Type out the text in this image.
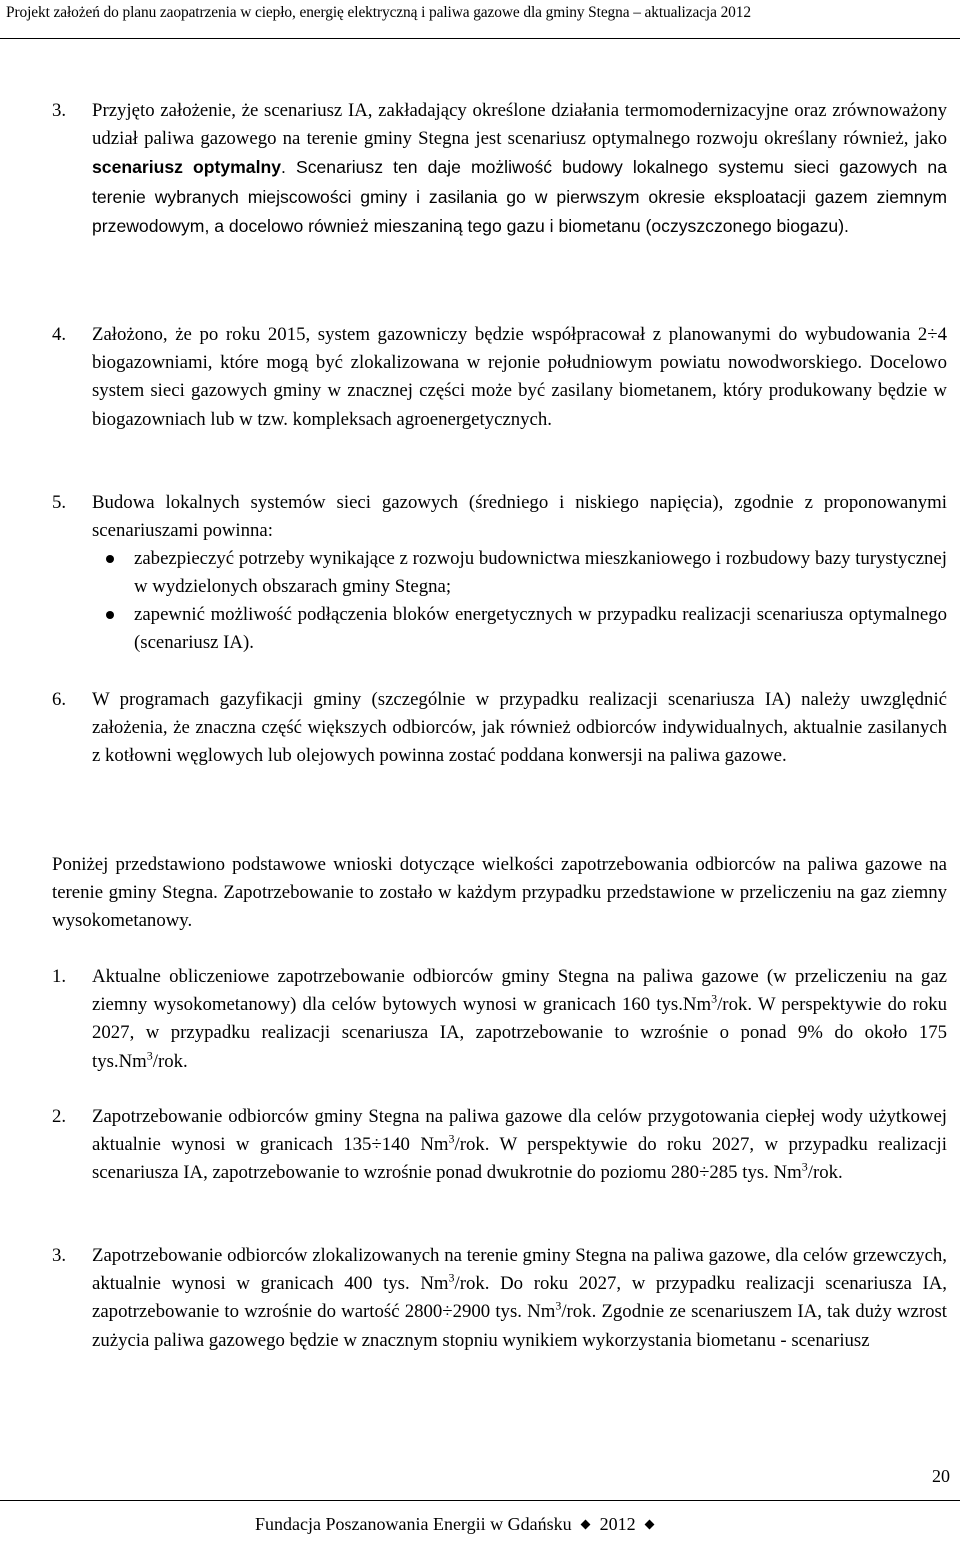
Projekt założeń do planu zaopatrzenia w ciepło, energię elektryczną i paliwa gazowe dla gminy Stegna – aktualizacja 2012
3. Przyjęto założenie, że scenariusz IA, zakładający określone działania termomodernizacyjne oraz zrównoważony udział paliwa gazowego na terenie gminy Stegna jest scenariusz optymalnego rozwoju określany również, jako scenariusz optymalny. Scenariusz ten daje możliwość budowy lokalnego systemu sieci gazowych na terenie wybranych miejscowości gminy i zasilania go w pierwszym okresie eksploatacji gazem ziemnym przewodowym, a docelowo również mieszaniną tego gazu i biometanu (oczyszczonego biogazu).
4. Założono, że po roku 2015, system gazowniczy będzie współpracował z planowanymi do wybudowania 2÷4 biogazowniami, które mogą być zlokalizowana w rejonie południowym powiatu nowodworskiego. Docelowo system sieci gazowych gminy w znacznej części może być zasilany biometanem, który produkowany będzie w biogazowniach lub w tzw. kompleksach agroenergetycznych.
5. Budowa lokalnych systemów sieci gazowych (średniego i niskiego napięcia), zgodnie z proponowanymi scenariuszami powinna:
zabezpieczyć potrzeby wynikające z rozwoju budownictwa mieszkaniowego i rozbudowy bazy turystycznej w wydzielonych obszarach gminy Stegna;
zapewnić możliwość podłączenia bloków energetycznych w przypadku realizacji scenariusza optymalnego (scenariusz IA).
6. W programach gazyfikacji gminy (szczególnie w przypadku realizacji scenariusza IA) należy uwzględnić założenia, że znaczna część większych odbiorców, jak również odbiorców indywidualnych, aktualnie zasilanych z kotłowni węglowych lub olejowych powinna zostać poddana konwersji na paliwa gazowe.
Poniżej przedstawiono podstawowe wnioski dotyczące wielkości zapotrzebowania odbiorców na paliwa gazowe na terenie gminy Stegna. Zapotrzebowanie to zostało w każdym przypadku przedstawione w przeliczeniu na gaz ziemny wysokometanowy.
1. Aktualne obliczeniowe zapotrzebowanie odbiorców gminy Stegna na paliwa gazowe (w przeliczeniu na gaz ziemny wysokometanowy) dla celów bytowych wynosi w granicach 160 tys.Nm$^3$/rok. W perspektywie do roku 2027, w przypadku realizacji scenariusza IA, zapotrzebowanie to wzrośnie o ponad 9% do około 175 tys.Nm$^3$/rok.
2. Zapotrzebowanie odbiorców gminy Stegna na paliwa gazowe dla celów przygotowania ciepłej wody użytkowej aktualnie wynosi w granicach 135÷140 Nm$^3$/rok. W perspektywie do roku 2027, w przypadku realizacji scenariusza IA, zapotrzebowanie to wzrośnie ponad dwukrotnie do poziomu 280÷285 tys. Nm$^3$/rok.
3. Zapotrzebowanie odbiorców zlokalizowanych na terenie gminy Stegna na paliwa gazowe, dla celów grzewczych, aktualnie wynosi w granicach 400 tys. Nm$^3$/rok. Do roku 2027, w przypadku realizacji scenariusza IA, zapotrzebowanie to wzrośnie do wartość 2800÷2900 tys. Nm$^3$/rok. Zgodnie ze scenariuszem IA, tak duży wzrost zużycia paliwa gazowego będzie w znacznym stopniu wynikiem wykorzystania biometanu - scenariusz
20
Fundacja Poszanowania Energii w Gdańsku 2012
